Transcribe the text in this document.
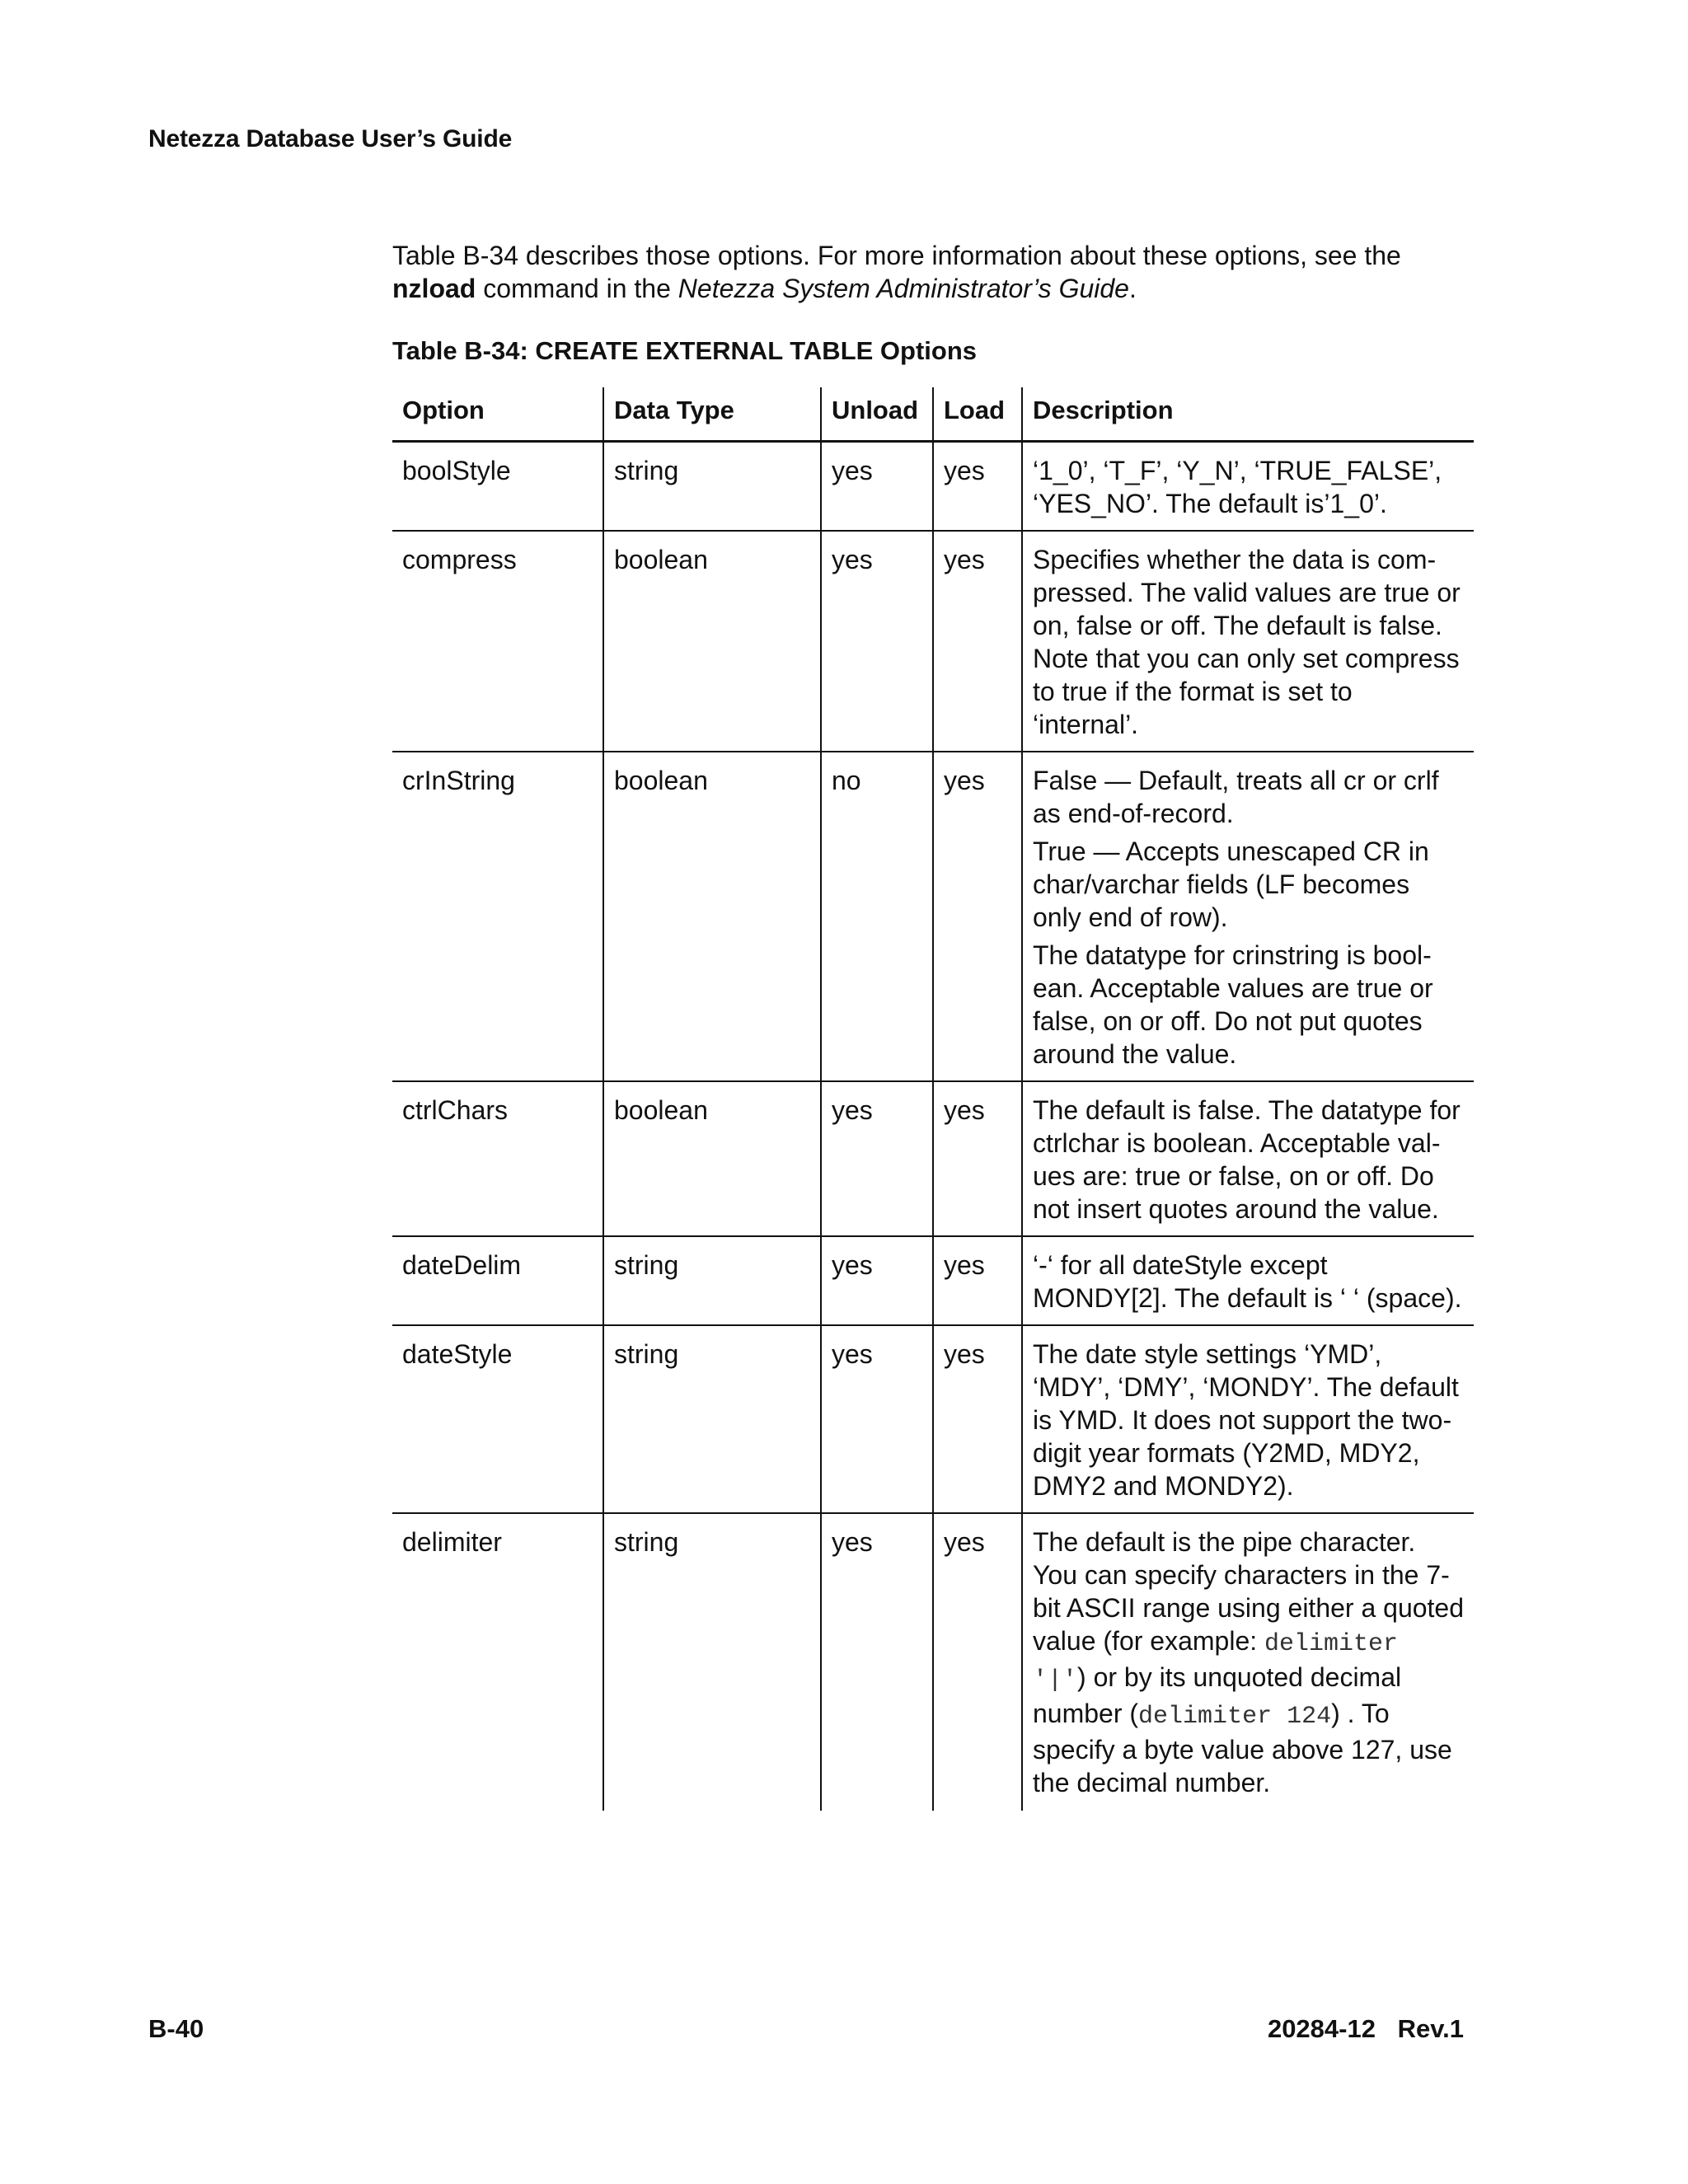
Netezza Database User’s Guide

Table B-34 describes those options. For more information about these options, see the nzload command in the Netezza System Administrator’s Guide.

Table B-34: CREATE EXTERNAL TABLE Options
Option	Data Type	Unload	Load	Description
boolStyle	string	yes	yes	‘1_0’, ‘T_F’, ‘Y_N’, ‘TRUE_FALSE’, ‘YES_NO’. The default is’1_0’.

compress	boolean	yes	yes	Specifies whether the data is com-pressed. The valid values are true or on, false or off. The default is false. Note that you can only set compress to true if the format is set to ‘internal’.

crInString	boolean	no	yes	False — Default, treats all cr or crlf as end-of-record.

True — Accepts unescaped CR in char/varchar fields (LF becomes only end of row).

The datatype for crinstring is bool-ean. Acceptable values are true or false, on or off. Do not put quotes around the value.

ctrlChars	boolean	yes	yes	The default is false. The datatype for ctrlchar is boolean. Acceptable val-ues are: true or false, on or off. Do not insert quotes around the value.

dateDelim	string	yes	yes	‘-‘ for all dateStyle except MONDY[2]. The default is ‘ ‘ (space).

dateStyle	string	yes	yes	The date style settings ‘YMD’, ‘MDY’, ‘DMY’, ‘MONDY’. The default is YMD. It does not support the two-digit year formats (Y2MD, MDY2, DMY2 and MONDY2).

delimiter	string	yes	yes	The default is the pipe character. You can specify characters in the 7-bit ASCII range using either a quoted value (for example: delimiter '|') or by its unquoted decimal number (delimiter 124) . To specify a byte value above 127, use the decimal number.

B-40	20284-12 Rev.1
